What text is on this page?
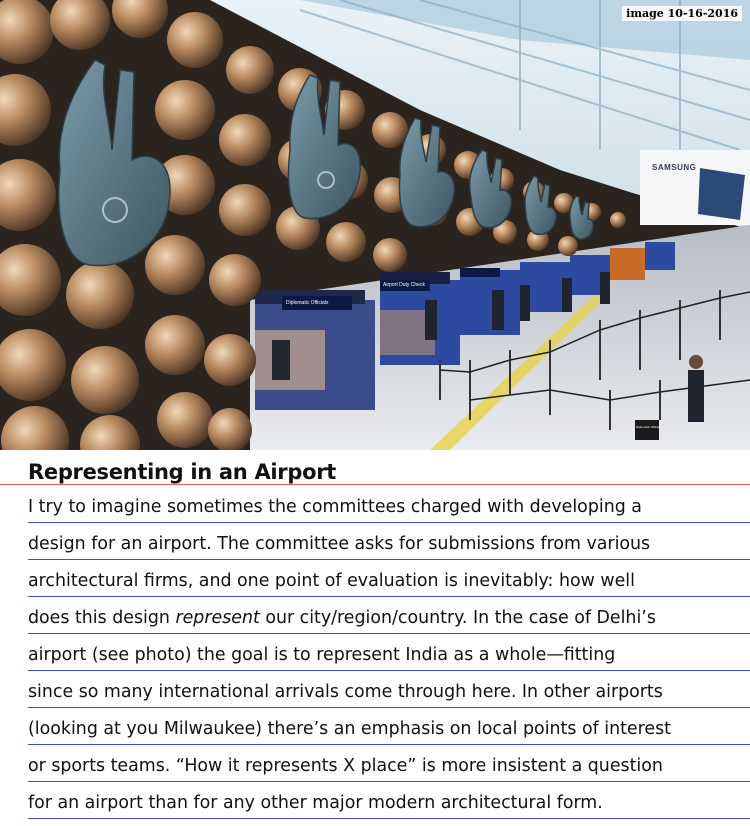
image 10-16-2016
SAMSUNG
Diplomatic Officials
Airport Duty Check
Diplomatic Officials
Representing in an Airport
I try to imagine sometimes the committees charged with developing a
design for an airport. The committee asks for submissions from various
architectural firms, and one point of evaluation is inevitably: how well
does this design represent our city/region/country. In the case of Delhi’s
airport (see photo) the goal is to represent India as a whole—fitting
since so many international arrivals come through here. In other airports
(looking at you Milwaukee) there’s an emphasis on local points of interest
or sports teams. “How it represents X place” is more insistent a question
for an airport than for any other major modern architectural form.
